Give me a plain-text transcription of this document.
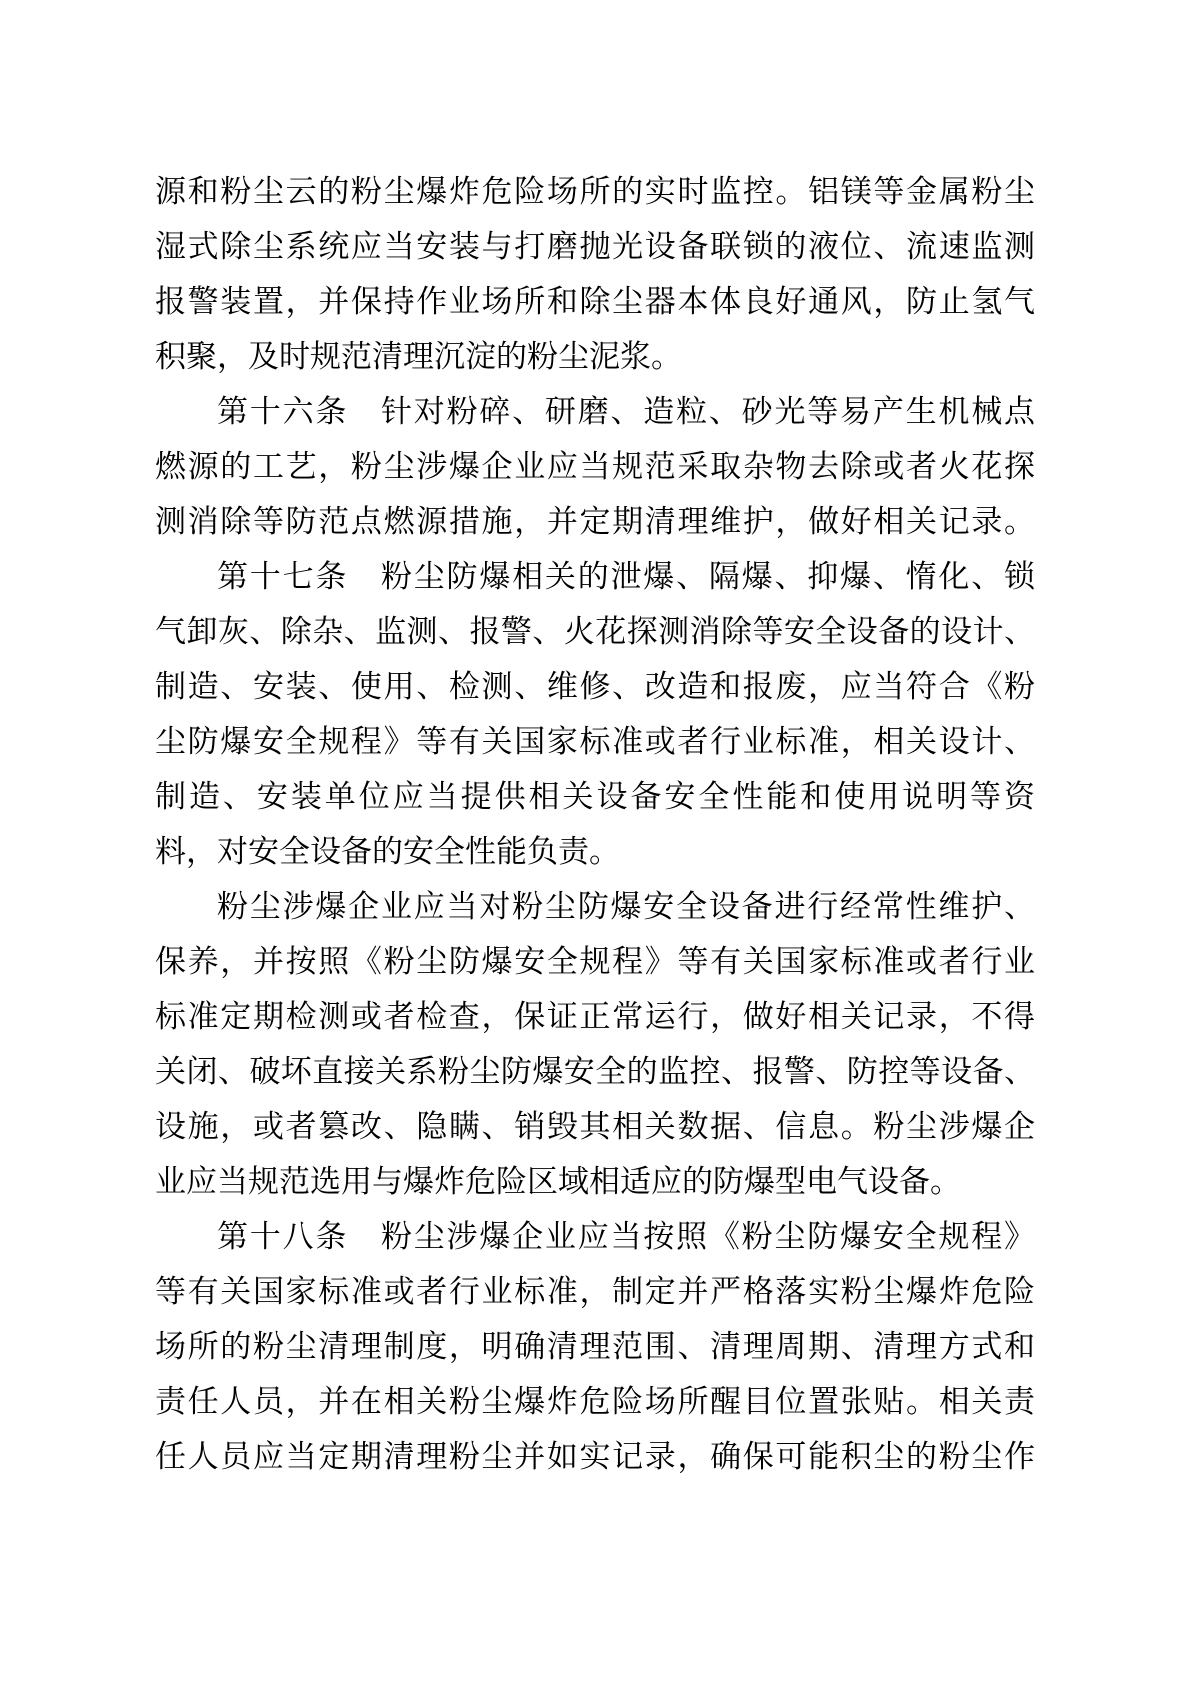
源和粉尘云的粉尘爆炸危险场所的实时监控。铝镁等金属粉尘
湿式除尘系统应当安装与打磨抛光设备联锁的液位、流速监测
报警装置，并保持作业场所和除尘器本体良好通风，防止氢气
积聚，及时规范清理沉淀的粉尘泥浆。
第十六条　针对粉碎、研磨、造粒、砂光等易产生机械点
燃源的工艺，粉尘涉爆企业应当规范采取杂物去除或者火花探
测消除等防范点燃源措施，并定期清理维护，做好相关记录。
第十七条　粉尘防爆相关的泄爆、隔爆、抑爆、惰化、锁
气卸灰、除杂、监测、报警、火花探测消除等安全设备的设计、
制造、安装、使用、检测、维修、改造和报废，应当符合《粉
尘防爆安全规程》等有关国家标准或者行业标准，相关设计、
制造、安装单位应当提供相关设备安全性能和使用说明等资
料，对安全设备的安全性能负责。
粉尘涉爆企业应当对粉尘防爆安全设备进行经常性维护、
保养，并按照《粉尘防爆安全规程》等有关国家标准或者行业
标准定期检测或者检查，保证正常运行，做好相关记录，不得
关闭、破坏直接关系粉尘防爆安全的监控、报警、防控等设备、
设施，或者篡改、隐瞒、销毁其相关数据、信息。粉尘涉爆企
业应当规范选用与爆炸危险区域相适应的防爆型电气设备。
第十八条　粉尘涉爆企业应当按照《粉尘防爆安全规程》
等有关国家标准或者行业标准，制定并严格落实粉尘爆炸危险
场所的粉尘清理制度，明确清理范围、清理周期、清理方式和
责任人员，并在相关粉尘爆炸危险场所醒目位置张贴。相关责
任人员应当定期清理粉尘并如实记录，确保可能积尘的粉尘作
